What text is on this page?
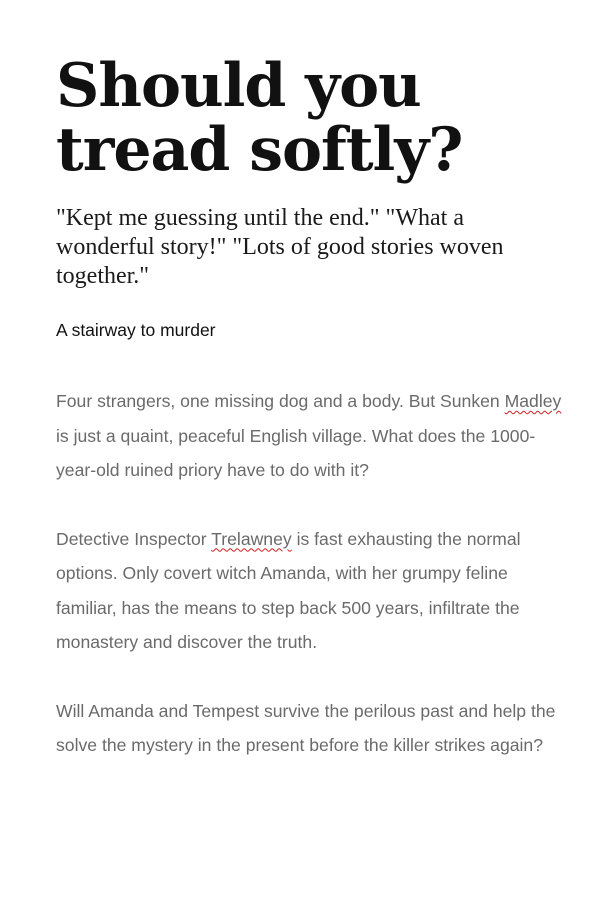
Should you tread softly?

"Kept me guessing until the end." "What a wonderful story!" "Lots of good stories woven together."

A stairway to murder

Four strangers, one missing dog and a body. But Sunken Madley is just a quaint, peaceful English village. What does the 1000-year-old ruined priory have to do with it?

Detective Inspector Trelawney is fast exhausting the normal options. Only covert witch Amanda, with her grumpy feline familiar, has the means to step back 500 years, infiltrate the monastery and discover the truth.

Will Amanda and Tempest survive the perilous past and help the solve the mystery in the present before the killer strikes again?
